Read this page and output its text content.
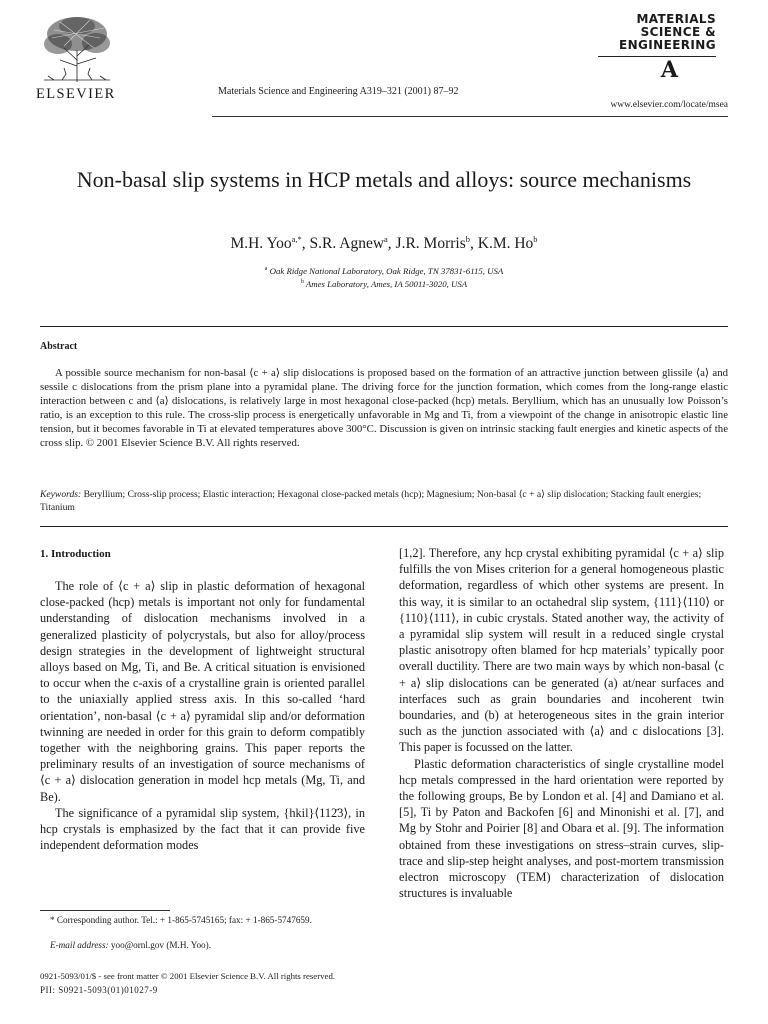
ELSEVIER	Materials Science and Engineering A319–321 (2001) 87–92
MATERIALS
SCIENCE &
ENGINEERING
A
www.elsevier.com/locate/msea
Non-basal slip systems in HCP metals and alloys: source mechanisms
M.H. Yoo$^{a,*}$, S.R. Agnew$^a$, J.R. Morris$^b$, K.M. Ho$^b$
$^a$ Oak Ridge National Laboratory, Oak Ridge, TN 37831-6115, USA
$^b$ Ames Laboratory, Ames, IA 50011-3020, USA
Abstract
A possible source mechanism for non-basal ⟨c + a⟩ slip dislocations is proposed based on the formation of an attractive junction between glissile ⟨a⟩ and sessile c dislocations from the prism plane into a pyramidal plane. The driving force for the junction formation, which comes from the long-range elastic interaction between c and ⟨a⟩ dislocations, is relatively large in most hexagonal close-packed (hcp) metals. Beryllium, which has an unusually low Poisson’s ratio, is an exception to this rule. The cross-slip process is energetically unfavorable in Mg and Ti, from a viewpoint of the change in anisotropic elastic line tension, but it becomes favorable in Ti at elevated temperatures above 300°C. Discussion is given on intrinsic stacking fault energies and kinetic aspects of the cross slip. © 2001 Elsevier Science B.V. All rights reserved.
Keywords: Beryllium; Cross-slip process; Elastic interaction; Hexagonal close-packed metals (hcp); Magnesium; Non-basal ⟨c + a⟩ slip dislocation; Stacking fault energies; Titanium
1. Introduction

The role of ⟨c + a⟩ slip in plastic deformation of hexagonal close-packed (hcp) metals is important not only for fundamental understanding of dislocation mechanisms involved in a generalized plasticity of polycrystals, but also for alloy/process design strategies in the development of lightweight structural alloys based on Mg, Ti, and Be. A critical situation is envisioned to occur when the c-axis of a crystalline grain is oriented parallel to the uniaxially applied stress axis. In this so-called ‘hard orientation’, non-basal ⟨c + a⟩ pyramidal slip and/or deformation twinning are needed in order for this grain to deform compatibly together with the neighboring grains. This paper reports the preliminary results of an investigation of source mechanisms of ⟨c + a⟩ dislocation generation in model hcp metals (Mg, Ti, and Be).

The significance of a pyramidal slip system, {hkil}⟨112̄3⟩, in hcp crystals is emphasized by the fact that it can provide five independent deformation modes

[1,2]. Therefore, any hcp crystal exhibiting pyramidal ⟨c + a⟩ slip fulfills the von Mises criterion for a general homogeneous plastic deformation, regardless of which other systems are present. In this way, it is similar to an octahedral slip system, {111}⟨110⟩ or {110}⟨111⟩, in cubic crystals. Stated another way, the activity of a pyramidal slip system will result in a reduced single crystal plastic anisotropy often blamed for hcp materials’ typically poor overall ductility. There are two main ways by which non-basal ⟨c + a⟩ slip dislocations can be generated (a) at/near surfaces and interfaces such as grain boundaries and incoherent twin boundaries, and (b) at heterogeneous sites in the grain interior such as the junction associated with ⟨a⟩ and c dislocations [3]. This paper is focussed on the latter.

Plastic deformation characteristics of single crystalline model hcp metals compressed in the hard orientation were reported by the following groups, Be by London et al. [4] and Damiano et al. [5], Ti by Paton and Backofen [6] and Minonishi et al. [7], and Mg by Stohr and Poirier [8] and Obara et al. [9]. The information obtained from these investigations on stress–strain curves, slip-trace and slip-step height analyses, and post-mortem transmission electron microscopy (TEM) characterization of dislocation structures is invaluable

* Corresponding author. Tel.: + 1-865-5745165; fax: + 1-865-5747659.
E-mail address: yoo@ornl.gov (M.H. Yoo).
0921-5093/01/$ - see front matter © 2001 Elsevier Science B.V. All rights reserved.
PII: S0921-5093(01)01027-9
